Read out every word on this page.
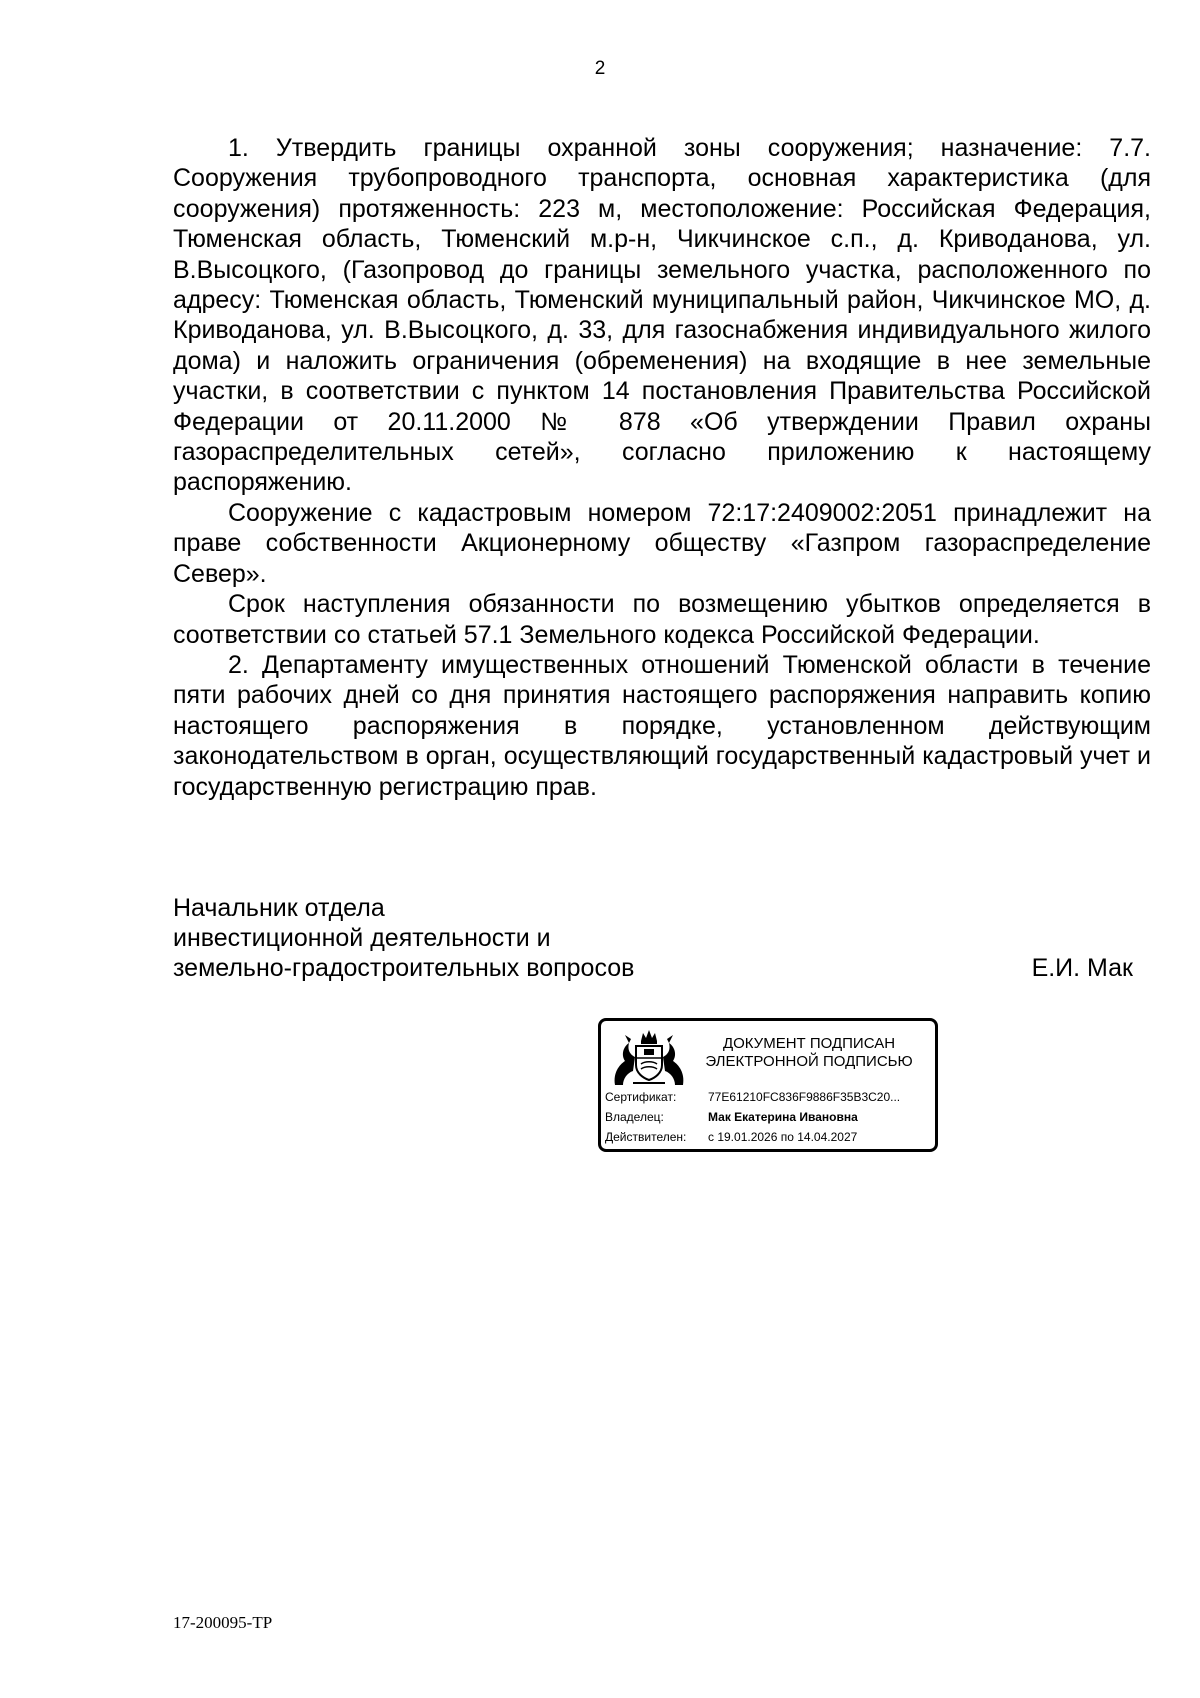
2

1. Утвердить границы охранной зоны сооружения; назначение: 7.7. Сооружения трубопроводного транспорта, основная характеристика (для сооружения) протяженность: 223 м, местоположение: Российская Федерация, Тюменская область, Тюменский м.р-н, Чикчинское с.п., д. Криводанова, ул. В.Высоцкого, (Газопровод до границы земельного участка, расположенного по адресу: Тюменская область, Тюменский муниципальный район, Чикчинское МО, д. Криводанова, ул. В.Высоцкого, д. 33, для газоснабжения индивидуального жилого дома) и наложить ограничения (обременения) на входящие в нее земельные участки, в соответствии с пунктом 14 постановления Правительства Российской Федерации от 20.11.2000 № 878 «Об утверждении Правил охраны газораспределительных сетей», согласно приложению к настоящему распоряжению.

Сооружение с кадастровым номером 72:17:2409002:2051 принадлежит на праве собственности Акционерному обществу «Газпром газораспределение Север».

Срок наступления обязанности по возмещению убытков определяется в соответствии со статьей 57.1 Земельного кодекса Российской Федерации.

2. Департаменту имущественных отношений Тюменской области в течение пяти рабочих дней со дня принятия настоящего распоряжения направить копию настоящего распоряжения в порядке, установленном действующим законодательством в орган, осуществляющий государственный кадастровый учет и государственную регистрацию прав.

Начальник отдела
инвестиционной деятельности и
земельно-градостроительных вопросов	Е.И. Мак
ДОКУМЕНТ ПОДПИСАН
ЭЛЕКТРОННОЙ ПОДПИСЬЮ
Сертификат:	77E61210FC836F9886F35B3C20...
Владелец:	Мак Екатерина Ивановна
Действителен:	с 19.01.2026 по 14.04.2027
17-200095-ТР
